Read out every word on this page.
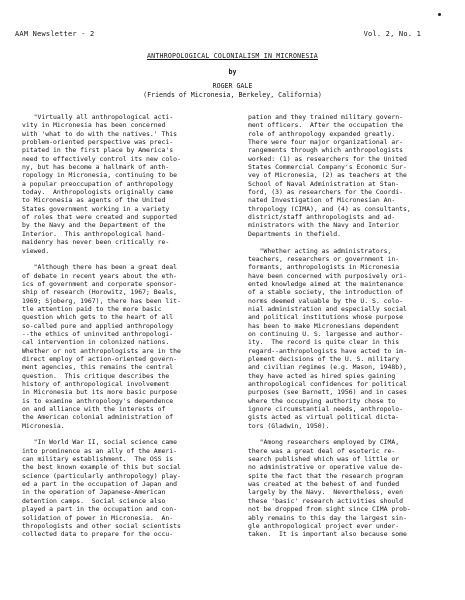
AAM Newsletter - 2	Vol. 2, No. 1
ANTHROPOLOGICAL COLONIALISM IN MICRONESIA
by
ROGER GALE
(Friends of Micronesia, Berkeley, California)
"Virtually all anthropological acti-
vity in Micronesia has been concerned
with 'what to do with the natives.' This
problem-oriented perspective was preci-
pitated in the first place by America's
need to effectively control its new colo-
ny, but has become a hallmark of anth-
ropology in Micronesia, continuing to be
a popular preoccupation of anthropology
today.  Anthropologists originally came
to Micronesia as agents of the United
States government working in a variety
of roles that were created and supported
by the Navy and the Department of the
Interior.  This anthropological hand-
maidenry has never been critically re-
viewed.
"Although there has been a great deal
of debate in recent years about the eth-
ics of government and corporate sponsor-
ship of research (Horowitz, 1967; Beals,
1969; Sjoberg, 1967), there has been lit-
tle attention paid to the more basic
question which gets to the heart of all
so-called pure and applied anthropology
--the ethics of uninvited anthropologi-
cal intervention in colonized nations.
Whether or not anthropologists are in the
direct employ of action-oriented govern-
ment agencies, this remains the central
question.  This critique describes the
history of anthropological involvement
in Micronesia but its more basic purpose
is to examine anthropology's dependence
on and alliance with the interests of
the American colonial administration of
Micronesia.
"In World War II, social science came
into prominence as an ally of the Ameri-
can military establishment.  The OSS is
the best known example of this but social
science (particularly anthropology) play-
ed a part in the occupation of Japan and
in the operation of Japanese-American
detention camps.  Social science also
played a part in the occupation and con-
solidation of power in Micronesia.  An-
thropologists and other social scientists
collected data to prepare for the occu-
pation and they trained military govern-
ment officers.  After the occupation the
role of anthropology expanded greatly.
There were four major organizational ar-
rangements through which anthropologists
worked: (1) as researchers for the United
States Commercial Company's Economic Sur-
vey of Micronesia, (2) as teachers at the
School of Naval Administration at Stan-
ford, (3) as researchers for the Coordi-
nated Investigation of Micronesian An-
thropology (CIMA), and (4) as consultants,
district/staff anthropologists and ad-
ministrators with the Navy and Interior
Departments in thefield.
"Whether acting as administrators,
teachers, researchers or government in-
formants, anthropologists in Micronesia
have been concerned with purposively ori-
ented knowledge aimed at the maintenance
of a stable society, the introduction of
norms deemed valuable by the U. S. colo-
nial administration and especially social
and political institutions whose purpose
has been to make Micronesians dependent
on continuing U. S. largesse and author-
ity.  The record is quite clear in this
regard--anthropologists have acted to im-
plement decisions of the U. S. military
and civilian regimes (e.g. Mason, 1948b),
they have acted as hired spies gaining
anthropological confidences for political
purposes (see Barnett, 1956) and in cases
where the occupying authority chose to
ignore circumstantial needs, anthropolo-
gists acted as virtual political dicta-
tors (Gladwin, 1950).
"Among researchers employed by CIMA,
there was a great deal of esoteric re-
search published which was of little or
no administrative or operative value de-
spite the fact that the research program
was created at the behest of and funded
largely by the Navy.  Nevertheless, even
these 'basic' research activities should
not be dropped from sight since CIMA prob-
ably remains to this day the largest sin-
gle anthropological project ever under-
taken.  It is important also because some
